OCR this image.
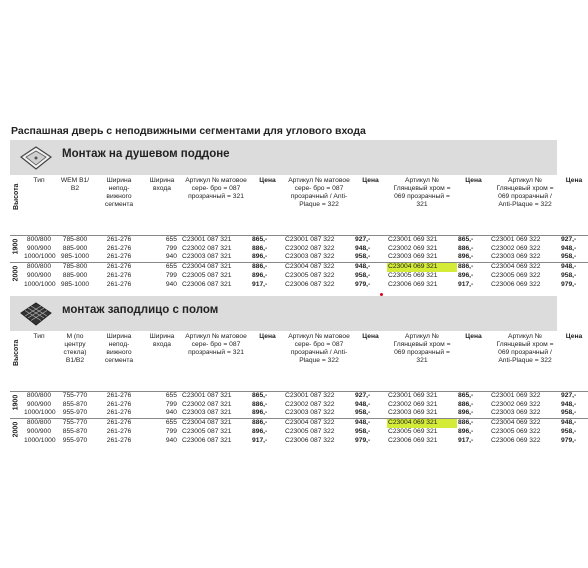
Распашная дверь с неподвижными сегментами для углового входа
Монтаж на душевом поддоне
Высота	Тип	WEM B1/ B2	Ширина непод- вижного сегмента	Ширина входа	Артикул № матовое сере- бро = 087 прозрачный = 321	Цена	Артикул № матовое сере- бро = 087 прозрачный / Anti-Plaque = 322	Цена	Артикул № Глянцевый хром = 069 прозрачный = 321	Цена	Артикул № Глянцевый хром = 069 прозрачный / Anti-Plaque = 322	Цена

1900	800/800	785-800	261-276	655	C23001 087 321	865,-	C23001 087 322	927,-	C23001 069 321	865,-	C23001 069 322	927,-
	900/900	885-900	261-276	799	C23002 087 321	886,-	C23002 087 322	948,-	C23002 069 321	886,-	C23002 069 322	948,-
	1000/1000	985-1000	261-276	940	C23003 087 321	896,-	C23003 087 322	958,-	C23003 069 321	896,-	C23003 069 322	958,-

2000	800/800	785-800	261-276	655	C23004 087 321	886,-	C23004 087 322	948,-	C23004 069 321	886,-	C23004 069 322	948,-
	900/900	885-900	261-276	799	C23005 087 321	896,-	C23005 087 322	958,-	C23005 069 321	896,-	C23005 069 322	958,-
	1000/1000	985-1000	261-276	940	C23006 087 321	917,-	C23006 087 322	979,-	C23006 069 321	917,-	C23006 069 322	979,-
монтаж заподлицо с полом
Высота	Тип	M (по центру стекла) B1/B2	Ширина непод- вижного сегмента	Ширина входа	Артикул № матовое сере- бро = 087 прозрачный = 321	Цена	Артикул № матовое сере- бро = 087 прозрачный / Anti-Plaque = 322	Цена	Артикул № Глянцевый хром = 069 прозрачный = 321	Цена	Артикул № Глянцевый хром = 069 прозрачный / Anti-Plaque = 322	Цена

1900	800/800	755-770	261-276	655	C23001 087 321	865,-	C23001 087 322	927,-	C23001 069 321	865,-	C23001 069 322	927,-
	900/900	855-870	261-276	799	C23002 087 321	886,-	C23002 087 322	948,-	C23002 069 321	886,-	C23002 069 322	948,-
	1000/1000	955-970	261-276	940	C23003 087 321	896,-	C23003 087 322	958,-	C23003 069 321	896,-	C23003 069 322	958,-

2000	800/800	755-770	261-276	655	C23004 087 321	886,-	C23004 087 322	948,-	C23004 069 321	886,-	C23004 069 322	948,-
	900/900	855-870	261-276	799	C23005 087 321	896,-	C23005 087 322	958,-	C23005 069 321	896,-	C23005 069 322	958,-
	1000/1000	955-970	261-276	940	C23006 087 321	917,-	C23006 087 322	979,-	C23006 069 321	917,-	C23006 069 322	979,-
